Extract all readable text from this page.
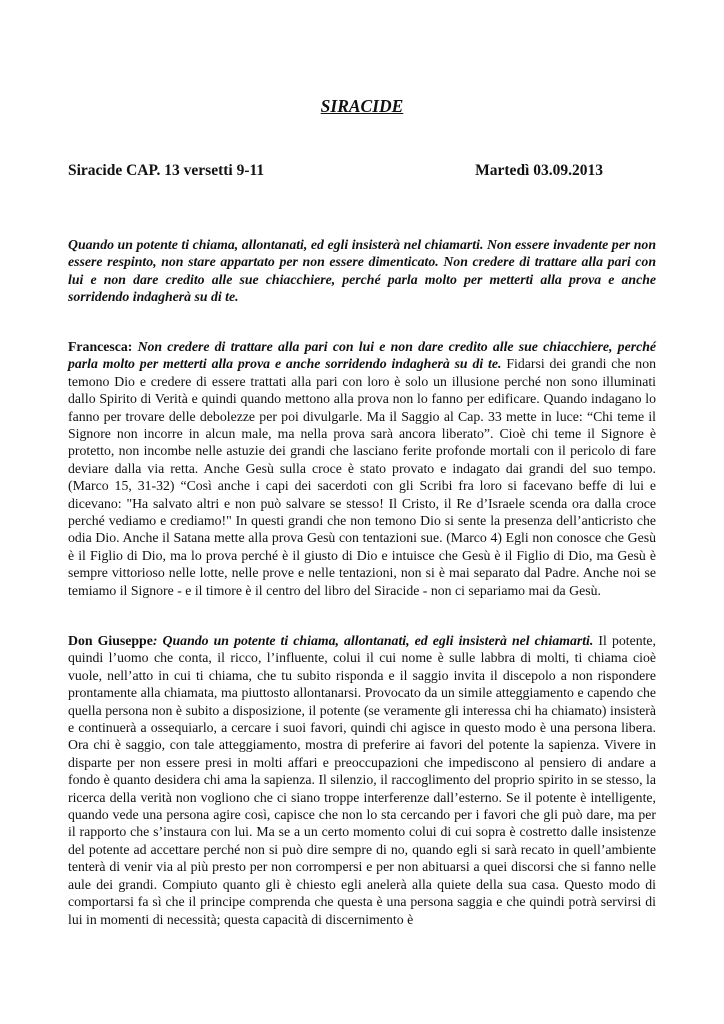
SIRACIDE
Siracide CAP. 13 versetti 9-11	Martedì 03.09.2013

Quando un potente ti chiama, allontanati, ed egli insisterà nel chiamarti. Non essere invadente per non essere respinto, non stare appartato per non essere dimenticato. Non credere di trattare alla pari con lui e non dare credito alle sue chiacchiere, perché parla molto per metterti alla prova e anche sorridendo indagherà su di te.

Francesca: Non credere di trattare alla pari con lui e non dare credito alle sue chiacchiere, perché parla molto per metterti alla prova e anche sorridendo indagherà su di te. Fidarsi dei grandi che non temono Dio e credere di essere trattati alla pari con loro è solo un illusione perché non sono illuminati dallo Spirito di Verità e quindi quando mettono alla prova non lo fanno per edificare. Quando indagano lo fanno per trovare delle debolezze per poi divulgarle. Ma il Saggio al Cap. 33 mette in luce: “Chi teme il Signore non incorre in alcun male, ma nella prova sarà ancora liberato”. Cioè chi teme il Signore è protetto, non incombe nelle astuzie dei grandi che lasciano ferite profonde mortali con il pericolo di fare deviare dalla via retta. Anche Gesù sulla croce è stato provato e indagato dai grandi del suo tempo. (Marco 15, 31-32) “Così anche i capi dei sacerdoti con gli Scribi fra loro si facevano beffe di lui e dicevano: "Ha salvato altri e non può salvare se stesso! Il Cristo, il Re d’Israele scenda ora dalla croce perché vediamo e crediamo!" In questi grandi che non temono Dio si sente la presenza dell’anticristo che odia Dio. Anche il Satana mette alla prova Gesù con tentazioni sue. (Marco 4) Egli non conosce che Gesù è il Figlio di Dio, ma lo prova perché è il giusto di Dio e intuisce che Gesù è il Figlio di Dio, ma Gesù è sempre vittorioso nelle lotte, nelle prove e nelle tentazioni, non si è mai separato dal Padre. Anche noi se temiamo il Signore - e il timore è il centro del libro del Siracide - non ci separiamo mai da Gesù.

Don Giuseppe: Quando un potente ti chiama, allontanati, ed egli insisterà nel chiamarti. Il potente, quindi l’uomo che conta, il ricco, l’influente, colui il cui nome è sulle labbra di molti, ti chiama cioè vuole, nell’atto in cui ti chiama, che tu subito risponda e il saggio invita il discepolo a non rispondere prontamente alla chiamata, ma piuttosto allontanarsi. Provocato da un simile atteggiamento e capendo che quella persona non è subito a disposizione, il potente (se veramente gli interessa chi ha chiamato) insisterà e continuerà a ossequiarlo, a cercare i suoi favori, quindi chi agisce in questo modo è una persona libera. Ora chi è saggio, con tale atteggiamento, mostra di preferire ai favori del potente la sapienza. Vivere in disparte per non essere presi in molti affari e preoccupazioni che impediscono al pensiero di andare a fondo è quanto desidera chi ama la sapienza. Il silenzio, il raccoglimento del proprio spirito in se stesso, la ricerca della verità non vogliono che ci siano troppe interferenze dall’esterno. Se il potente è intelligente, quando vede una persona agire così, capisce che non lo sta cercando per i favori che gli può dare, ma per il rapporto che s’instaura con lui. Ma se a un certo momento colui di cui sopra è costretto dalle insistenze del potente ad accettare perché non si può dire sempre di no, quando egli si sarà recato in quell’ambiente tenterà di venir via al più presto per non corrompersi e per non abituarsi a quei discorsi che si fanno nelle aule dei grandi. Compiuto quanto gli è chiesto egli anelerà alla quiete della sua casa. Questo modo di comportarsi fa sì che il principe comprenda che questa è una persona saggia e che quindi potrà servirsi di lui in momenti di necessità; questa capacità di discernimento è
